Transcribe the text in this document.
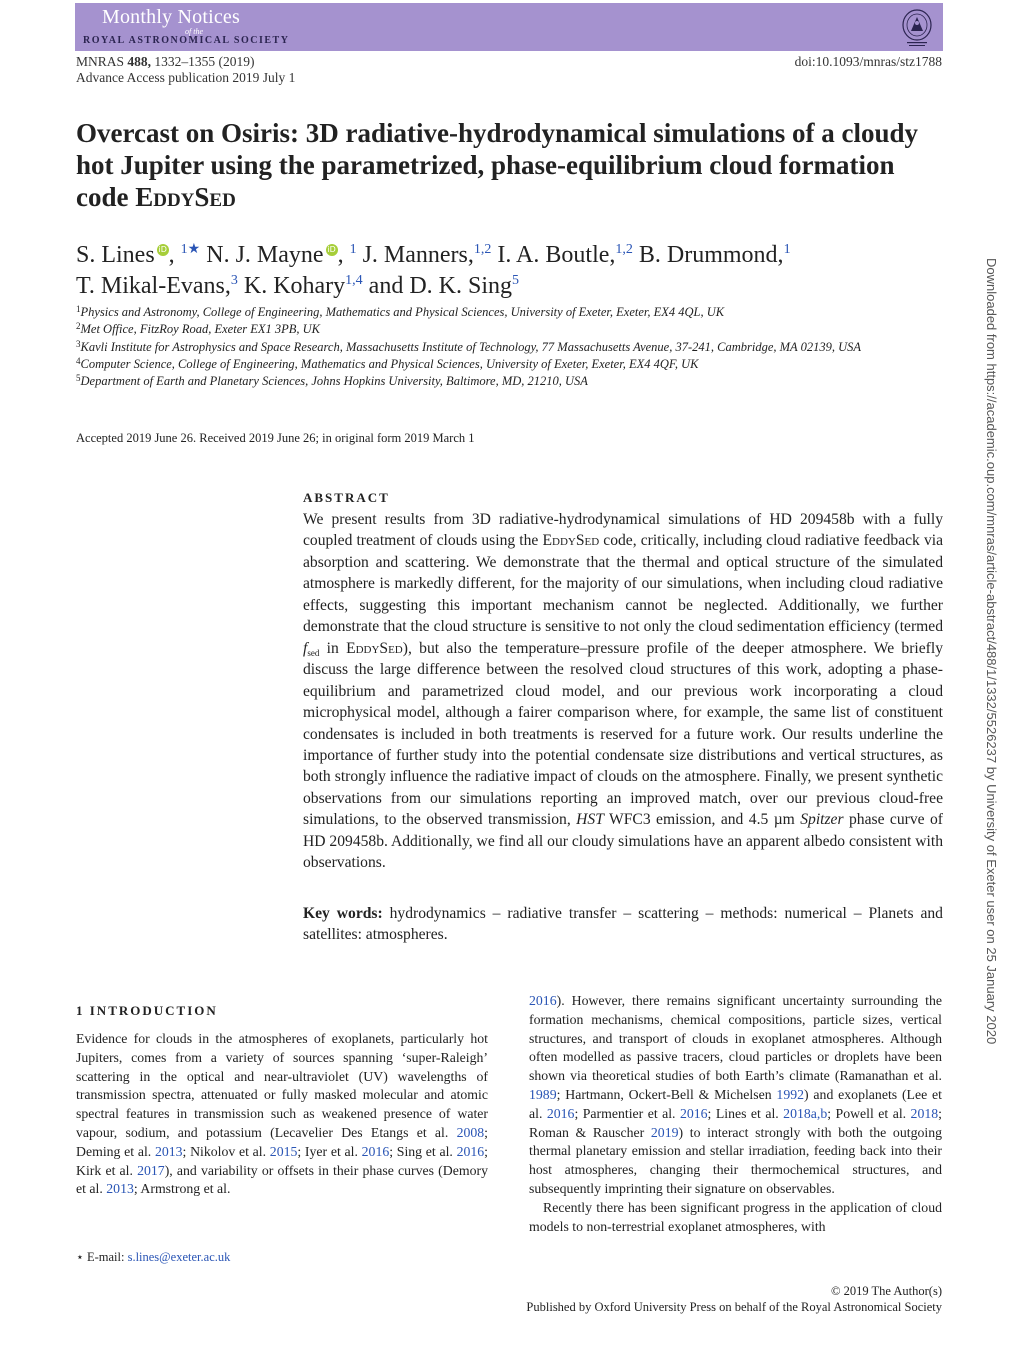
Monthly Notices
of the
ROYAL ASTRONOMICAL SOCIETY
MNRAS 488, 1332–1355 (2019)
Advance Access publication 2019 July 1
doi:10.1093/mnras/stz1788
Overcast on Osiris: 3D radiative-hydrodynamical simulations of a cloudy hot Jupiter using the parametrized, phase-equilibrium cloud formation code EddySed
S. Lines iD, $^{1★}$ N. J. Mayne iD, $^1$ J. Manners,$^{1,2}$ I. A. Boutle,$^{1,2}$ B. Drummond,$^1$
T. Mikal-Evans,$^3$ K. Kohary$^{1,4}$ and D. K. Sing$^5$
$^1$Physics and Astronomy, College of Engineering, Mathematics and Physical Sciences, University of Exeter, Exeter, EX4 4QL, UK
$^2$Met Office, FitzRoy Road, Exeter EX1 3PB, UK
$^3$Kavli Institute for Astrophysics and Space Research, Massachusetts Institute of Technology, 77 Massachusetts Avenue, 37-241, Cambridge, MA 02139, USA
$^4$Computer Science, College of Engineering, Mathematics and Physical Sciences, University of Exeter, Exeter, EX4 4QF, UK
$^5$Department of Earth and Planetary Sciences, Johns Hopkins University, Baltimore, MD, 21210, USA
Accepted 2019 June 26. Received 2019 June 26; in original form 2019 March 1
ABSTRACT
We present results from 3D radiative-hydrodynamical simulations of HD 209458b with a fully coupled treatment of clouds using the EddySed code, critically, including cloud radiative feedback via absorption and scattering. We demonstrate that the thermal and optical structure of the simulated atmosphere is markedly different, for the majority of our simulations, when including cloud radiative effects, suggesting this important mechanism cannot be neglected. Additionally, we further demonstrate that the cloud structure is sensitive to not only the cloud sedimentation efficiency (termed $f_{sed}$ in EddySed), but also the temperature–pressure profile of the deeper atmosphere. We briefly discuss the large difference between the resolved cloud structures of this work, adopting a phase-equilibrium and parametrized cloud model, and our previous work incorporating a cloud microphysical model, although a fairer comparison where, for example, the same list of constituent condensates is included in both treatments is reserved for a future work. Our results underline the importance of further study into the potential condensate size distributions and vertical structures, as both strongly influence the radiative impact of clouds on the atmosphere. Finally, we present synthetic observations from our simulations reporting an improved match, over our previous cloud-free simulations, to the observed transmission, HST WFC3 emission, and 4.5 µm Spitzer phase curve of HD 209458b. Additionally, we find all our cloudy simulations have an apparent albedo consistent with observations.
Key words: hydrodynamics – radiative transfer – scattering – methods: numerical – Planets and satellites: atmospheres.
1 INTRODUCTION
Evidence for clouds in the atmospheres of exoplanets, particularly hot Jupiters, comes from a variety of sources spanning ‘super-Raleigh’ scattering in the optical and near-ultraviolet (UV) wavelengths of transmission spectra, attenuated or fully masked molecular and atomic spectral features in transmission such as weakened presence of water vapour, sodium, and potassium (Lecavelier Des Etangs et al. 2008; Deming et al. 2013; Nikolov et al. 2015; Iyer et al. 2016; Sing et al. 2016; Kirk et al. 2017), and variability or offsets in their phase curves (Demory et al. 2013; Armstrong et al.
2016). However, there remains significant uncertainty surrounding the formation mechanisms, chemical compositions, particle sizes, vertical structures, and transport of clouds in exoplanet atmospheres. Although often modelled as passive tracers, cloud particles or droplets have been shown via theoretical studies of both Earth’s climate (Ramanathan et al. 1989; Hartmann, Ockert-Bell & Michelsen 1992) and exoplanets (Lee et al. 2016; Parmentier et al. 2016; Lines et al. 2018a,b; Powell et al. 2018; Roman & Rauscher 2019) to interact strongly with both the outgoing thermal planetary emission and stellar irradiation, feeding back into their host atmospheres, changing their thermochemical structures, and subsequently imprinting their signature on observables.
Recently there has been significant progress in the application of cloud models to non-terrestrial exoplanet atmospheres, with
⋆ E-mail: s.lines@exeter.ac.uk
© 2019 The Author(s)
Published by Oxford University Press on behalf of the Royal Astronomical Society
Downloaded from https://academic.oup.com/mnras/article-abstract/488/1/1332/5526237 by University of Exeter user on 25 January 2020
